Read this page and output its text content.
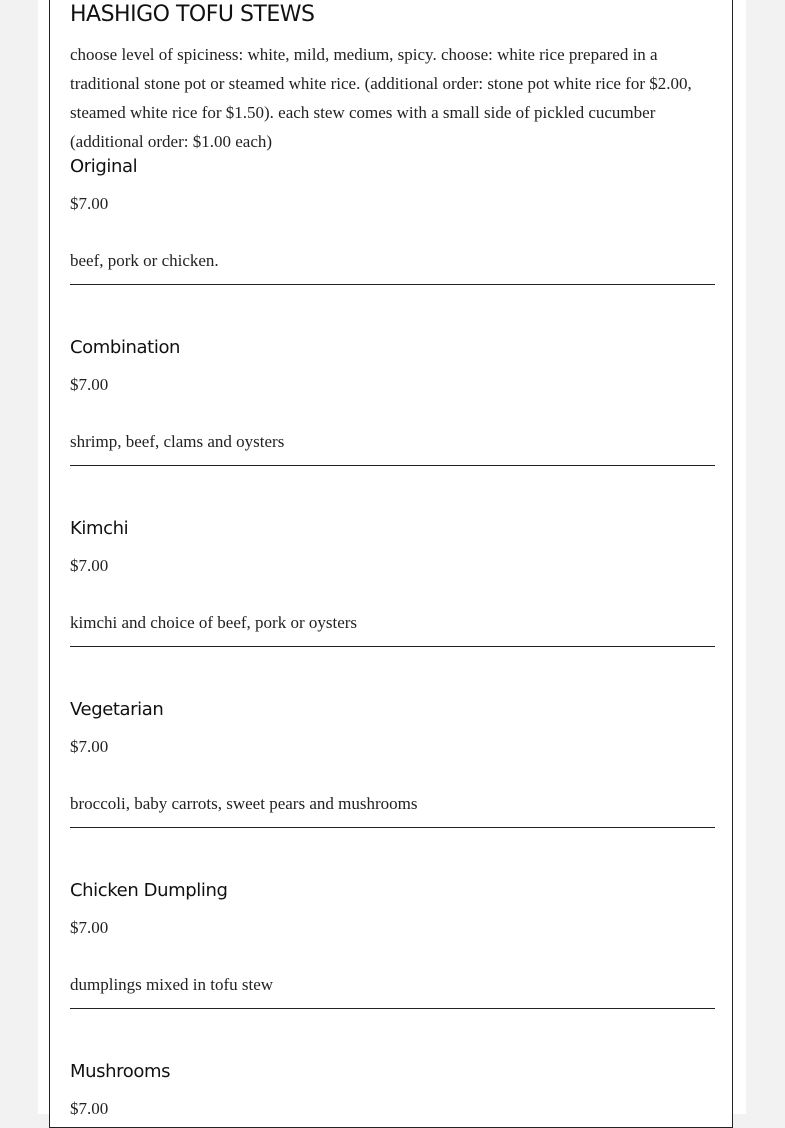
HASHIGO TOFU STEWS

choose level of spiciness: white, mild, medium, spicy. choose: white rice prepared in a traditional stone pot or steamed white rice. (additional order: stone pot white rice for $2.00, steamed white rice for $1.50). each stew comes with a small side of pickled cucumber (additional order: $1.00 each)

Original
$7.00
beef, pork or chicken.
Combination
$7.00
shrimp, beef, clams and oysters
Kimchi
$7.00
kimchi and choice of beef, pork or oysters
Vegetarian
$7.00
broccoli, baby carrots, sweet pears and mushrooms
Chicken Dumpling
$7.00
dumplings mixed in tofu stew
Mushrooms
$7.00
